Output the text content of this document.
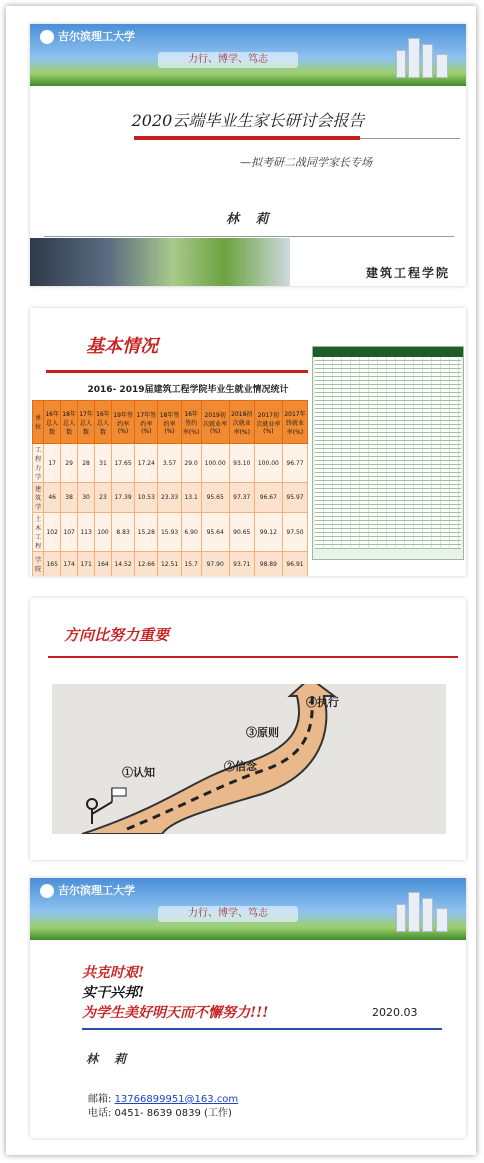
吉尔滨理工大学
力行、博学、笃志
2020云端毕业生家长研讨会报告
—拟考研二战同学家长专场
林 莉
建筑工程学院
基本情况
2016- 2019届建筑工程学院毕业生就业情况统计
单位	16年总人数	18年总人数	17年总人数	16年总人数	19年签约率(%)	17年签约率(%)	18年签约率(%)	16年签约率(%)	2019初次就业率(%)	2018初次就业率(%)	2017初次就业率(%)	2017年终就业率(%)
工程力学	17	29	28	31	17.65	17.24	3.57	29.0	100.00	93.10	100.00	96.77
建筑学	46	38	30	23	17.39	10.53	23.33	13.1	95.65	97.37	96.67	95.97
土木工程	102	107	113	100	8.83	15.28	15.93	6.90	95.64	90.65	99.12	97.50
学院	165	174	171	164	14.52	12.66	12.51	15.7	97.90	93.71	98.89	96.91
方向比努力重要
①认知	②信念
③原则
④执行
吉尔滨理工大学
力行、博学、笃志
共克时艰!
实干兴邦!
为学生美好明天而不懈努力!!!	2020.03
林 莉
邮箱: 13766899951@163.com
电话: 0451- 8639 0839 (工作)
